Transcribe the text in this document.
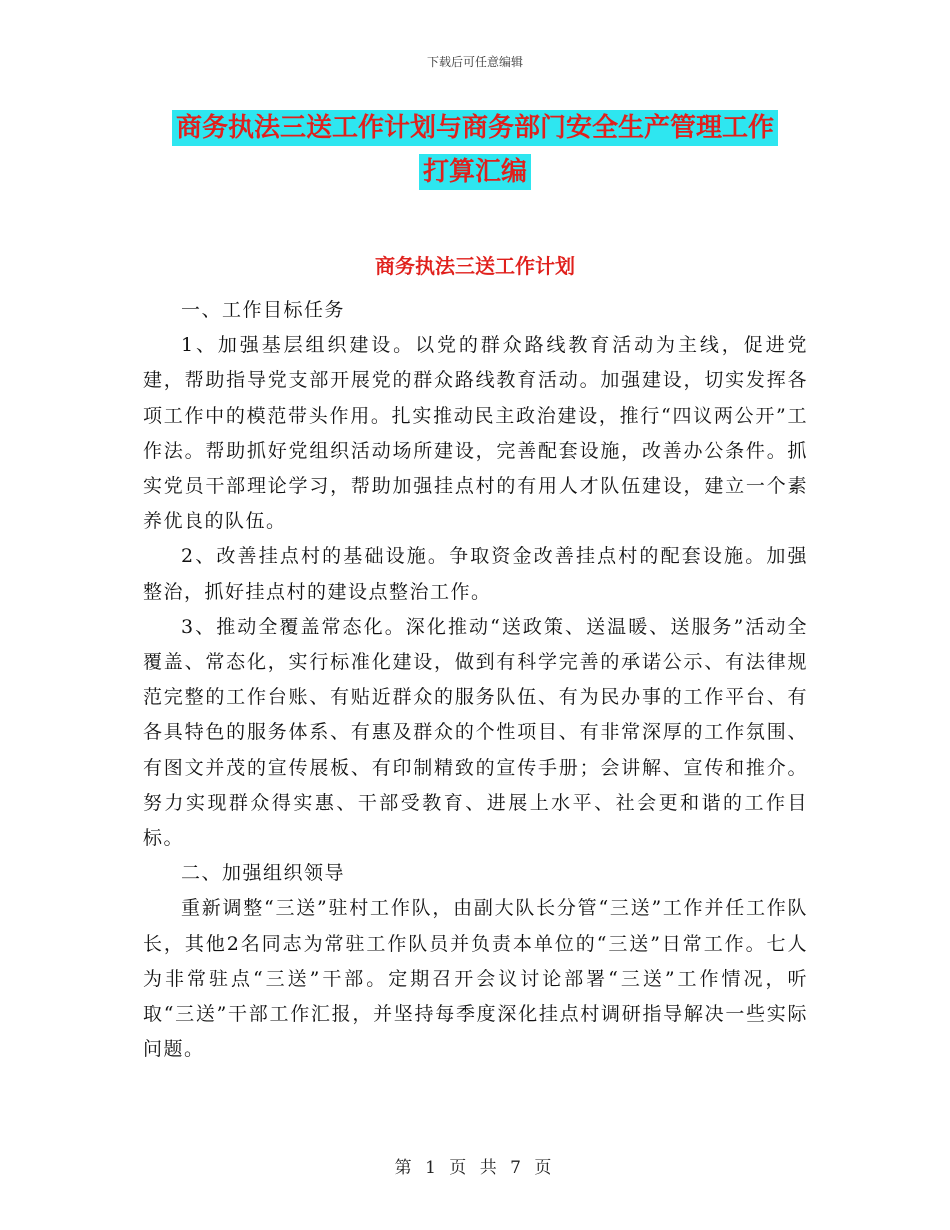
下载后可任意编辑
商务执法三送工作计划与商务部门安全生产管理工作
打算汇编
商务执法三送工作计划

一、工作目标任务

1、加强基层组织建设。以党的群众路线教育活动为主线，促进党建，帮助指导党支部开展党的群众路线教育活动。加强建设，切实发挥各项工作中的模范带头作用。扎实推动民主政治建设，推行“四议两公开”工作法。帮助抓好党组织活动场所建设，完善配套设施，改善办公条件。抓实党员干部理论学习，帮助加强挂点村的有用人才队伍建设，建立一个素养优良的队伍。

2、改善挂点村的基础设施。争取资金改善挂点村的配套设施。加强整治，抓好挂点村的建设点整治工作。

3、推动全覆盖常态化。深化推动“送政策、送温暖、送服务”活动全覆盖、常态化，实行标准化建设，做到有科学完善的承诺公示、有法律规范完整的工作台账、有贴近群众的服务队伍、有为民办事的工作平台、有各具特色的服务体系、有惠及群众的个性项目、有非常深厚的工作氛围、有图文并茂的宣传展板、有印制精致的宣传手册；会讲解、宣传和推介。努力实现群众得实惠、干部受教育、进展上水平、社会更和谐的工作目标。

二、加强组织领导

重新调整“三送”驻村工作队，由副大队长分管“三送”工作并任工作队长，其他2名同志为常驻工作队员并负责本单位的“三送”日常工作。七人为非常驻点“三送”干部。定期召开会议讨论部署“三送”工作情况，听取“三送”干部工作汇报，并坚持每季度深化挂点村调研指导解决一些实际问题。

第 1 页 共 7 页
